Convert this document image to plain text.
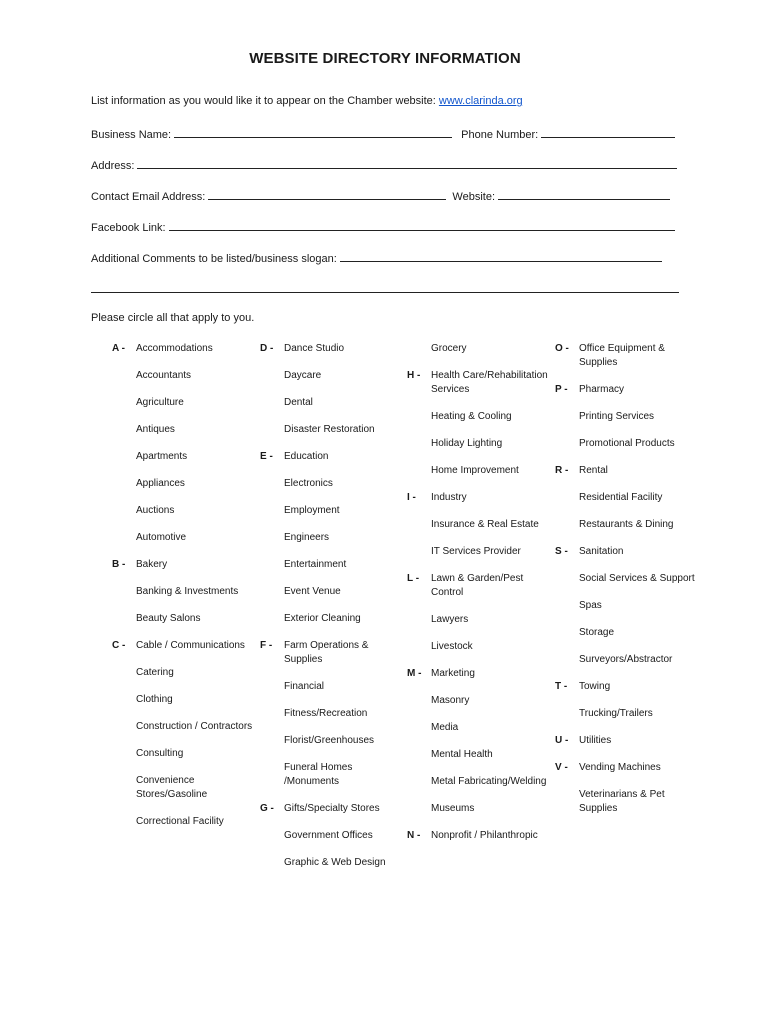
WEBSITE DIRECTORY INFORMATION
List information as you would like it to appear on the Chamber website: www.clarinda.org
Business Name:	Phone Number:
Address:
Contact Email Address:	Website:
Facebook Link:
Additional Comments to be listed/business slogan:
Please circle all that apply to you.
A -	Accommodations
Accountants
Agriculture
Antiques
Apartments
Appliances
Auctions
Automotive
B -	Bakery
Banking & Investments
Beauty Salons
C -	Cable / Communications
Catering
Clothing
Construction / Contractors
Consulting
Convenience Stores/Gasoline
Correctional Facility
D -	Dance Studio
Daycare
Dental
Disaster Restoration
E -	Education
Electronics
Employment
Engineers
Entertainment
Event Venue
Exterior Cleaning
F -	Farm Operations & Supplies
Financial
Fitness/Recreation
Florist/Greenhouses
Funeral Homes /Monuments
G -	Gifts/Specialty Stores
Government Offices
Graphic & Web Design
Grocery
H -	Health Care/Rehabilitation Services
Heating & Cooling
Holiday Lighting
Home Improvement
I -	Industry
Insurance & Real Estate
IT Services Provider
L -	Lawn & Garden/Pest Control
Lawyers
Livestock
M - Marketing
Masonry
Media
Mental Health
Metal Fabricating/Welding
Museums
N -	Nonprofit / Philanthropic
O -	Office Equipment & Supplies
P -	Pharmacy
Printing Services
Promotional Products
R -	Rental
Residential Facility
Restaurants & Dining
S -	Sanitation
Social Services & Support
Spas
Storage
Surveyors/Abstractor
T -	Towing
Trucking/Trailers
U -	Utilities
V -	Vending Machines
Veterinarians & Pet Supplies
